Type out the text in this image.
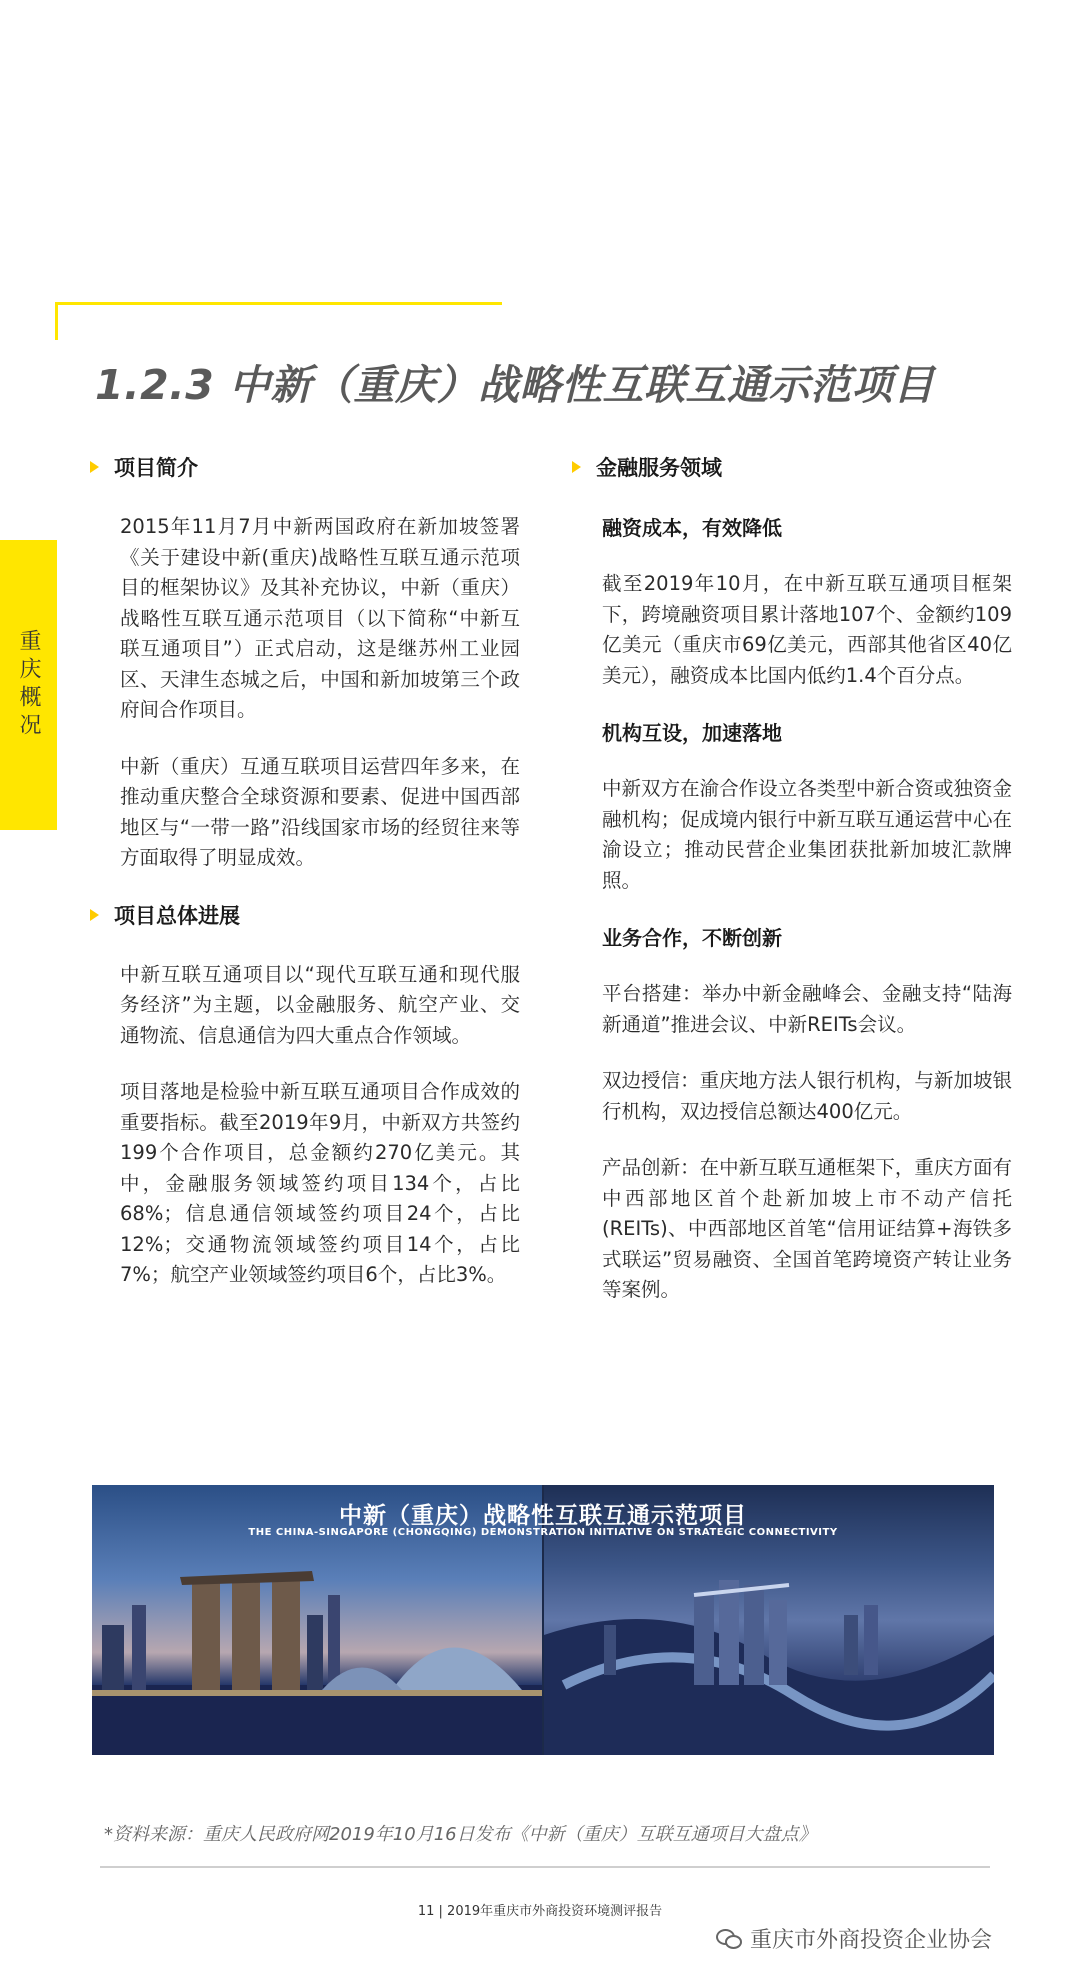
1.2.3 中新（重庆）战略性互联互通示范项目
重庆概况
项目简介

2015年11月7月中新两国政府在新加坡签署《关于建设中新(重庆)战略性互联互通示范项目的框架协议》及其补充协议，中新（重庆）战略性互联互通示范项目（以下简称“中新互联互通项目”）正式启动，这是继苏州工业园区、天津生态城之后，中国和新加坡第三个政府间合作项目。

中新（重庆）互通互联项目运营四年多来，在推动重庆整合全球资源和要素、促进中国西部地区与“一带一路”沿线国家市场的经贸往来等方面取得了明显成效。

项目总体进展

中新互联互通项目以“现代互联互通和现代服务经济”为主题，以金融服务、航空产业、交通物流、信息通信为四大重点合作领域。

项目落地是检验中新互联互通项目合作成效的重要指标。截至2019年9月，中新双方共签约199个合作项目，总金额约270亿美元。其中，金融服务领域签约项目134个，占比68%；信息通信领域签约项目24个，占比12%；交通物流领域签约项目14个，占比7%；航空产业领域签约项目6个，占比3%。

金融服务领域
融资成本，有效降低

截至2019年10月，在中新互联互通项目框架下，跨境融资项目累计落地107个、金额约109亿美元（重庆市69亿美元，西部其他省区40亿美元），融资成本比国内低约1.4个百分点。

机构互设，加速落地

中新双方在渝合作设立各类型中新合资或独资金融机构；促成境内银行中新互联互通运营中心在渝设立；推动民营企业集团获批新加坡汇款牌照。

业务合作，不断创新

平台搭建：举办中新金融峰会、金融支持“陆海新通道”推进会议、中新REITs会议。

双边授信：重庆地方法人银行机构，与新加坡银行机构，双边授信总额达400亿元。

产品创新：在中新互联互通框架下，重庆方面有中西部地区首个赴新加坡上市不动产信托(REITs)、中西部地区首笔“信用证结算+海铁多式联运”贸易融资、全国首笔跨境资产转让业务等案例。

中新（重庆）战略性互联互通示范项目
THE CHINA-SINGAPORE (CHONGQING) DEMONSTRATION INITIATIVE ON STRATEGIC CONNECTIVITY
*资料来源：重庆人民政府网2019年10月16日发布《中新（重庆）互联互通项目大盘点》
11 | 2019年重庆市外商投资环境测评报告
重庆市外商投资企业协会
